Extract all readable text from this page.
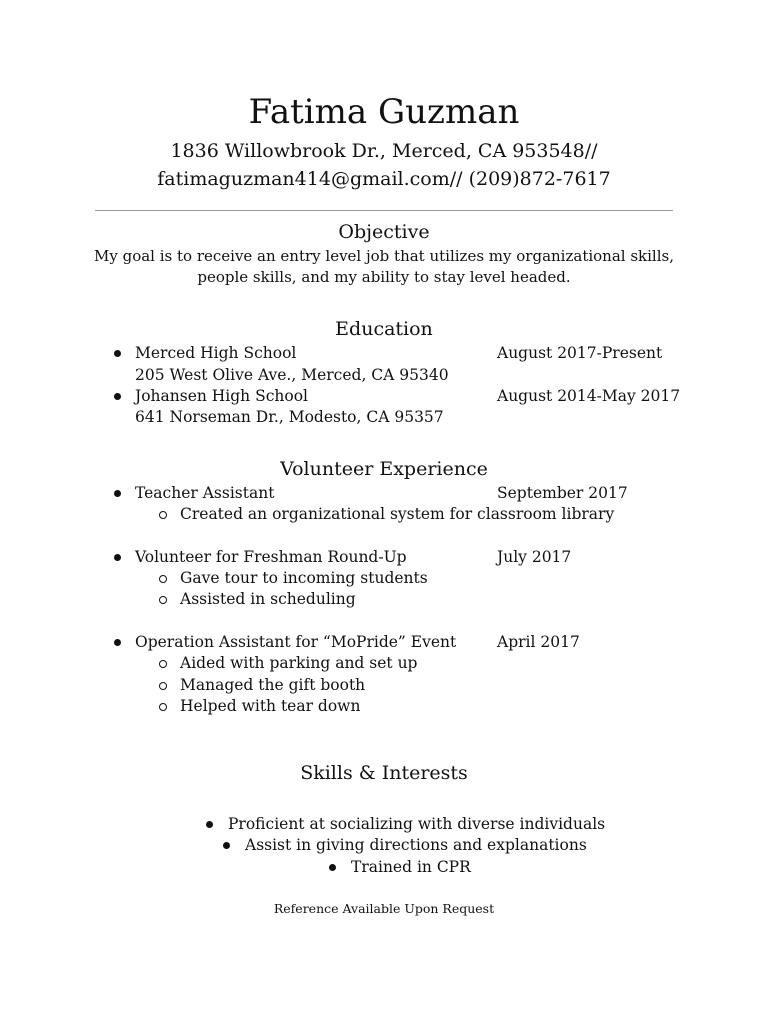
Fatima Guzman
1836 Willowbrook Dr., Merced, CA 953548//
fatimaguzman414@gmail.com// (209)872-7617
Objective

My goal is to receive an entry level job that utilizes my organizational skills, people skills, and my ability to stay level headed.

Education
Merced High School	August 2017-Present
205 West Olive Ave., Merced, CA 95340
Johansen High School	August 2014-May 2017
641 Norseman Dr., Modesto, CA 95357
Volunteer Experience
Teacher Assistant	September 2017
Created an organizational system for classroom library
Volunteer for Freshman Round-Up	July 2017
Gave tour to incoming students
Assisted in scheduling
Operation Assistant for “MoPride” Event	April 2017
Aided with parking and set up
Managed the gift booth
Helped with tear down
Skills & Interests
Proficient at socializing with diverse individuals
Assist in giving directions and explanations
Trained in CPR
Reference Available Upon Request
